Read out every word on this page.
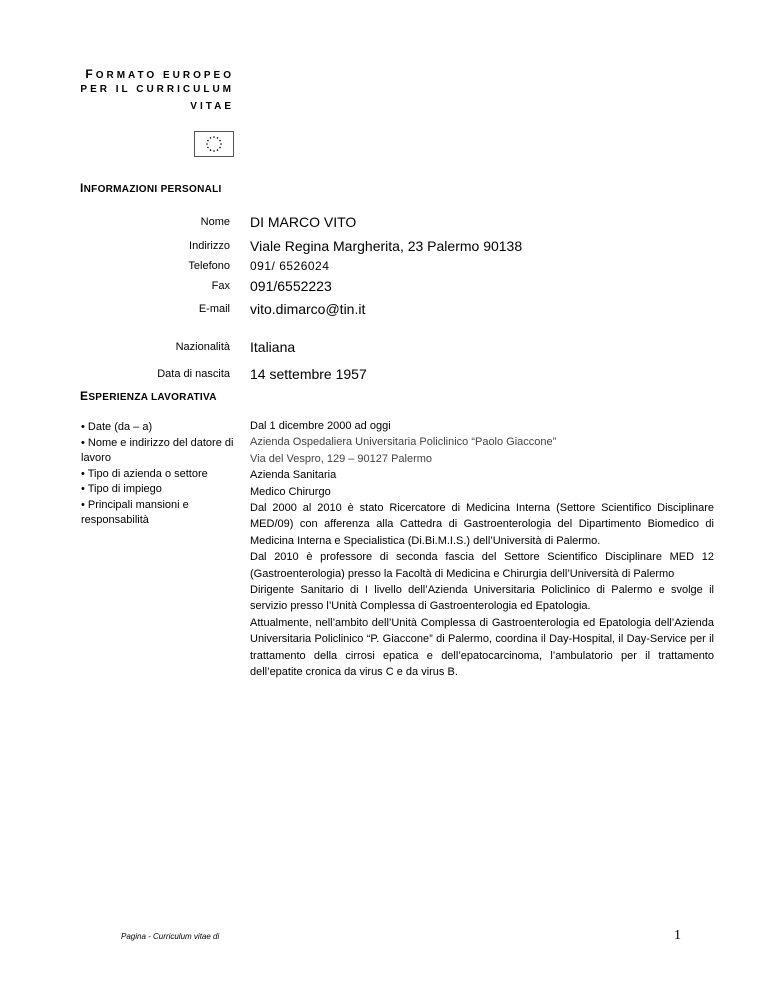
FORMATO EUROPEO
PER IL CURRICULUM
VITAE
INFORMAZIONI PERSONALI
Nome DI MARCO VITO
Indirizzo Viale Regina Margherita, 23 Palermo 90138
Telefono 091/ 6526024
Fax 091/6552223
E-mail vito.dimarco@tin.it
Nazionalità Italiana
Data di nascita 14 settembre 1957
ESPERIENZA LAVORATIVA
• Date (da – a)
• Nome e indirizzo del datore di lavoro
• Tipo di azienda o settore
• Tipo di impiego
• Principali mansioni e responsabilità
Dal 1 dicembre 2000 ad oggi
Azienda Ospedaliera Universitaria Policlinico “Paolo Giaccone”
Via del Vespro, 129 – 90127 Palermo
Azienda Sanitaria
Medico Chirurgo

Dal 2000 al 2010 è stato Ricercatore di Medicina Interna (Settore Scientifico Disciplinare MED/09) con afferenza alla Cattedra di Gastroenterologia del Dipartimento Biomedico di Medicina Interna e Specialistica (Di.Bi.M.I.S.) dell’Università di Palermo.

Dal 2010 è professore di seconda fascia del Settore Scientifico Disciplinare MED 12 (Gastroenterologia) presso la Facoltà di Medicina e Chirurgia dell’Università di Palermo

Dirigente Sanitario di I livello dell’Azienda Universitaria Policlinico di Palermo e svolge il servizio presso l’Unità Complessa di Gastroenterologia ed Epatologia.

Attualmente, nell’ambito dell’Unità Complessa di Gastroenterologia ed Epatologia dell’Azienda Universitaria Policlinico “P. Giaccone” di Palermo, coordina il Day-Hospital, il Day-Service per il trattamento della cirrosi epatica e dell’epatocarcinoma, l’ambulatorio per il trattamento dell’epatite cronica da virus C e da virus B.

Pagina - Curriculum vitae di	1
